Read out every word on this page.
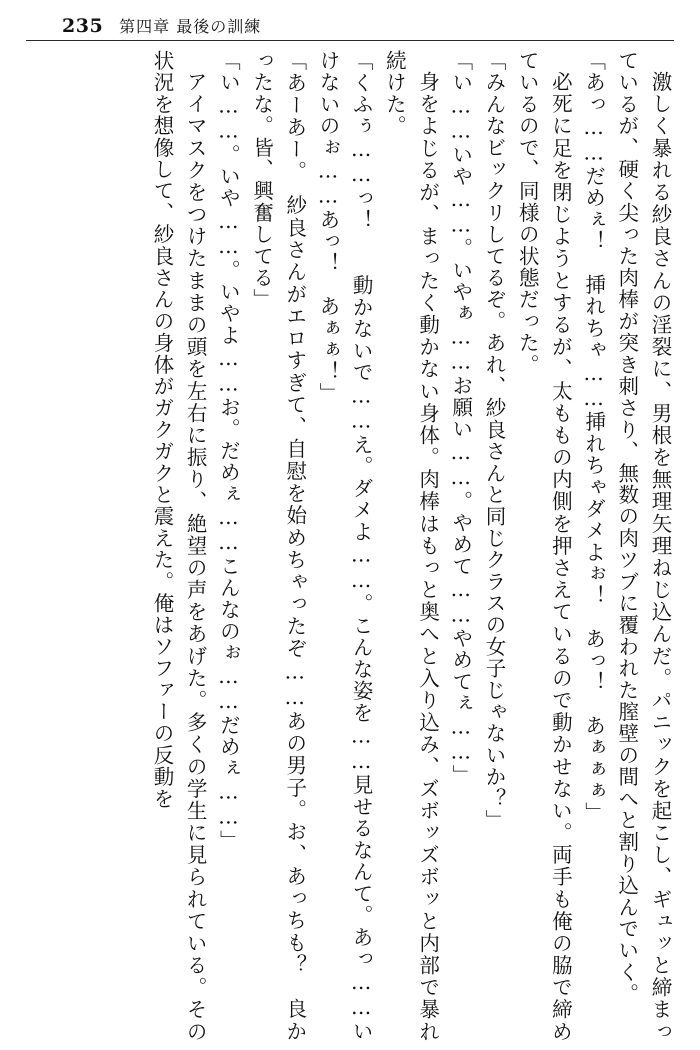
235 第四章 最後の訓練

激しく暴れる紗良さんの淫裂に、男根を無理矢理ねじ込んだ。パニックを起こし、ギュッと締まっているが、硬く尖った肉棒が突き刺さり、無数の肉ツブに覆われた膣壁の間へと割り込んでいく。

「あっ……だめぇ！　挿れちゃ……挿れちゃダメよぉ！　あっ！　あぁぁぁ」

必死に足を閉じようとするが、太ももの内側を押さえているので動かせない。両手も俺の脇で締めているので、同様の状態だった。

「みんなビックリしてるぞ。あれ、紗良さんと同じクラスの女子じゃないか？」

「い……いや……。いやぁ……お願い……。やめて……やめてぇ……」

身をよじるが、まったく動かない身体。肉棒はもっと奥へと入り込み、ズボッズボッと内部で暴れ続けた。

「くふぅ……っ！　　動かないで……え。ダメよ……。こんな姿を……見せるなんて。あっ……いけないのぉ……あっ！　あぁぁ！」

「あーあー。　紗良さんがエロすぎて、自慰を始めちゃったぞ……あの男子。お、あっちも？　良かったな。皆、興奮してる」

「い……。いや……。いやよ……お。だめぇ……こんなのぉ……だめぇ……」

アイマスクをつけたままの頭を左右に振り、絶望の声をあげた。多くの学生に見られている。その状況を想像して、紗良さんの身体がガクガクと震えた。俺はソファーの反動を
